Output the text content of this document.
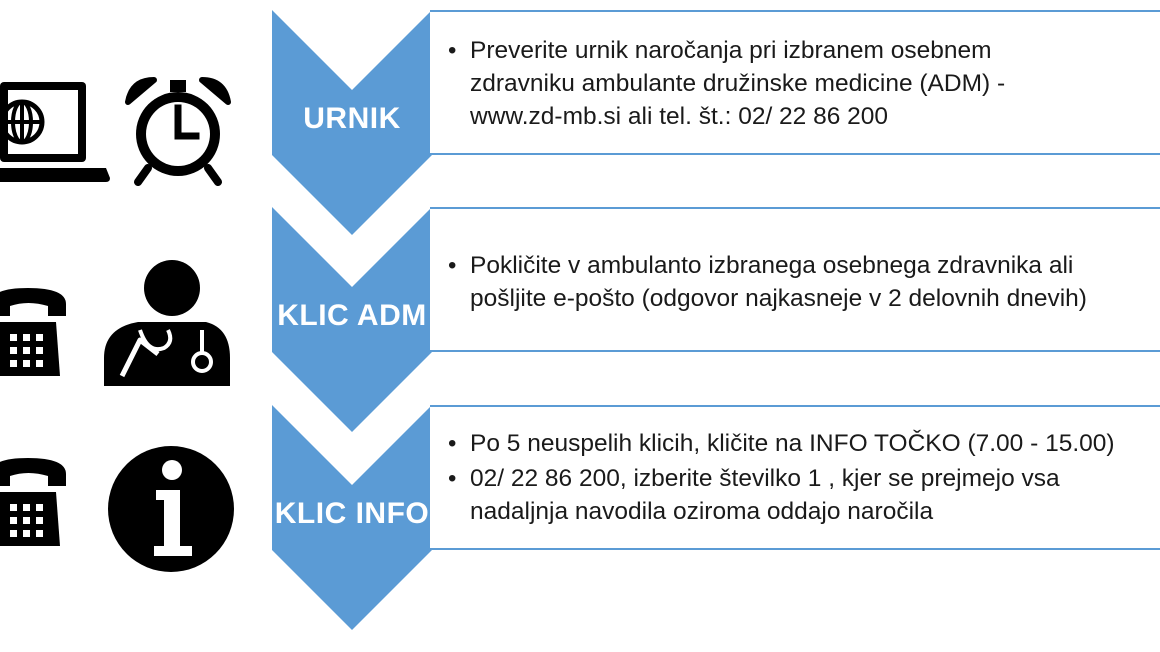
URNIK
KLIC ADM
KLIC INFO
• Preverite urnik naročanja pri izbranem osebnem
zdravniku ambulante družinske medicine (ADM) -
www.zd-mb.si ali tel. št.: 02/ 22 86 200
• Pokličite v ambulanto izbranega osebnega zdravnika ali
pošljite e-pošto (odgovor najkasneje v 2 delovnih dnevih)
• Po 5 neuspelih klicih, kličite na INFO TOČKO (7.00 - 15.00)
• 02/ 22 86 200, izberite številko 1 , kjer se prejmejo vsa
nadaljnja navodila oziroma oddajo naročila
